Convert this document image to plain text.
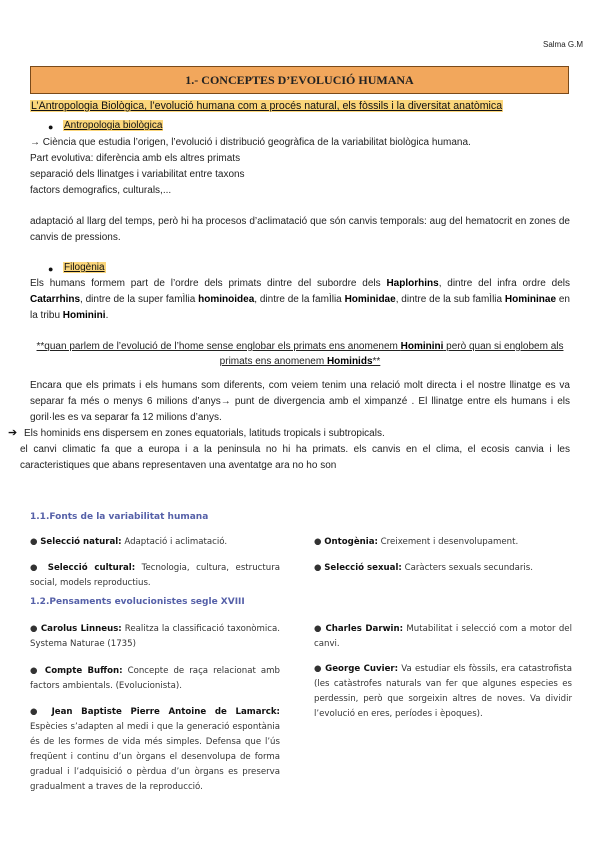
Salma G.M
1.- CONCEPTES D’EVOLUCIÓ HUMANA
L’Antropologia Biològica, l’evolució humana com a procés natural, els fòssils i la diversitat anatòmica
● Antropologia biològica
→ Ciència que estudia l’origen, l’evolució i distribució geogràfica de la variabilitat biològica humana.
Part evolutiva: diferència amb els altres primats
separació dels llinatges i variabilitat entre taxons
factors demografics, culturals,...
adaptació al llarg del temps, però hi ha procesos d’aclimatació que són canvis temporals: aug del hematocrit en zones de canvis de pressions.
● Filogènia
Els humans formem part de l’ordre dels primats dintre del subordre dels Haplorhins, dintre del infra ordre dels Catarrhins, dintre de la super famÌlia hominoidea, dintre de la famÌlia Hominidae, dintre de la sub famÌlia Homininae en la tribu Hominini.
**quan parlem de l’evolució de l’home sense englobar els primats ens anomenem Hominini però quan si englobem als primats ens anomenem Hominids**
Encara que els primats i els humans som diferents, com veiem tenim una relació molt directa i el nostre llinatge es va separar fa més o menys 6 milions d’anys→ punt de divergencia amb el ximpanzé . El llinatge entre els humans i els goril·les es va separar fa 12 milions d’anys.
➔ Els hominids ens dispersem en zones equatorials, latituds tropicals i subtropicals.
el canvi climatic fa que a europa i a la peninsula no hi ha primats. els canvis en el clima, el ecosis canvia i les caracteristiques que abans representaven una aventatge ara no ho son
1.1.Fonts de la variabilitat humana
● Selecció natural: Adaptació i aclimatació.	● Ontogènia: Creixement i desenvolupament.
● Selecció cultural: Tecnologia, cultura, estructura social, models reproductius.
● Selecció sexual: Caràcters sexuals secundaris.
1.2.Pensaments evolucionistes segle XVIII
● Carolus Linneus: Realitza la classificació taxonòmica. Systema Naturae (1735)
● Charles Darwin: Mutabilitat i selecció com a motor del canvi.
● Compte Buffon: Concepte de raça relacionat amb factors ambientals. (Evolucionista).
● George Cuvier: Va estudiar els fòssils, era catastrofista (les catàstrofes naturals van fer que algunes especies es perdessin, però que sorgeixin altres de noves. Va dividir l’evolució en eres, períodes i èpoques).
● Jean Baptiste Pierre Antoine de Lamarck: Espècies s’adapten al medi i que la generació espontània és de les formes de vida més simples. Defensa que l’ús freqüent i continu d’un òrgans el desenvolupa de forma gradual i l’adquisició o pèrdua d’un òrgans es preserva gradualment a traves de la reproducció.
